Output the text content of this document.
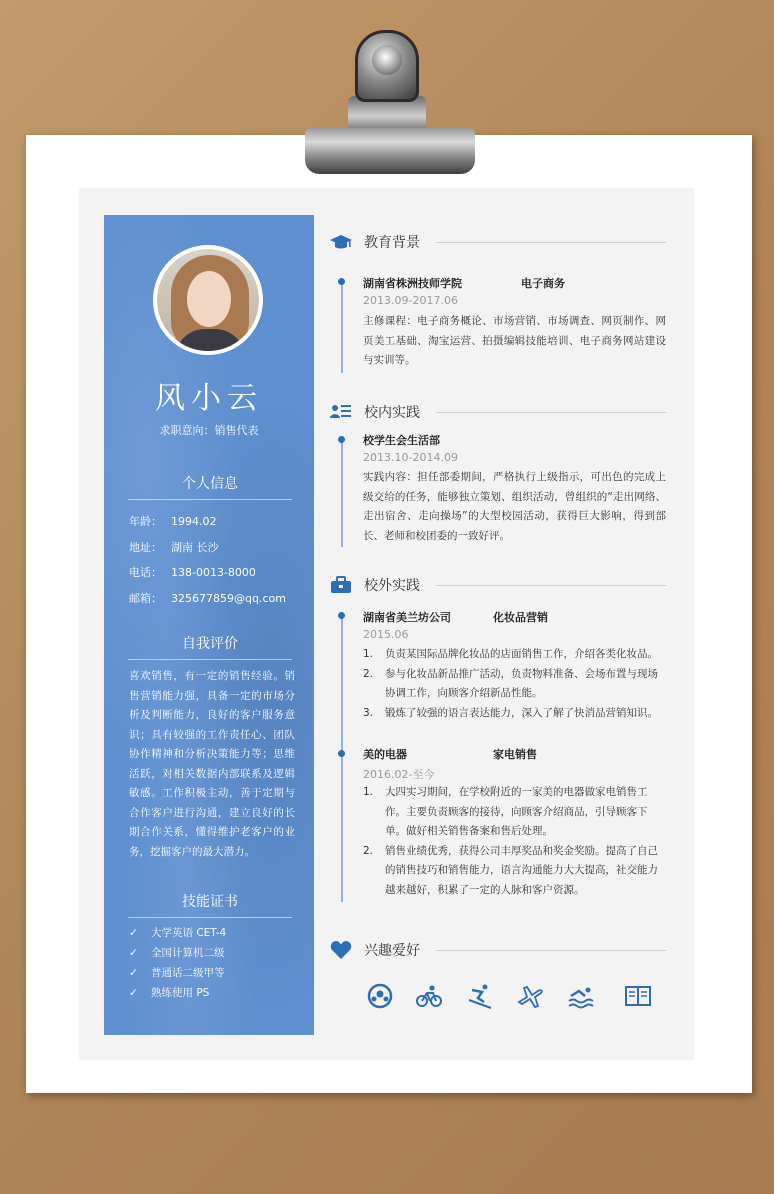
风小云
求职意向：销售代表
个人信息
年龄： 1994.02
地址： 湖南 长沙
电话： 138-0013-8000
邮箱： 325677859@qq.com
自我评价
喜欢销售，有一定的销售经验。销售营销能力强，具备一定的市场分析及判断能力，良好的客户服务意识；具有较强的工作责任心、团队协作精神和分析决策能力等；思维活跃，对相关数据内部联系及逻辑敏感。工作积极主动，善于定期与合作客户进行沟通，建立良好的长期合作关系，懂得维护老客户的业务，挖掘客户的最大潜力。
技能证书
✓ 大学英语 CET-4
✓ 全国计算机二级
✓ 普通话二级甲等
✓ 熟练使用 PS
教育背景
湖南省株洲技师学院	电子商务
2013.09-2017.06
主修课程：电子商务概论、市场营销、市场调查、网页制作、网页美工基础、淘宝运营、拍摄编辑技能培训、电子商务网站建设与实训等。
校内实践
校学生会生活部
2013.10-2014.09
实践内容：担任部委期间，严格执行上级指示，可出色的完成上级交给的任务，能够独立策划、组织活动，曾组织的“走出网络、走出宿舍、走向操场”的大型校园活动，获得巨大影响，得到部长、老师和校团委的一致好评。
校外实践
湖南省美兰坊公司	化妆品营销
2015.06
1. 负责某国际品牌化妆品的店面销售工作，介绍各类化妆品。
2. 参与化妆品新品推广活动，负责物料准备、会场布置与现场协调工作，向顾客介绍新品性能。
3. 锻炼了较强的语言表达能力，深入了解了快消品营销知识。
美的电器	家电销售
2016.02-至今
1. 大四实习期间，在学校附近的一家美的电器做家电销售工作。主要负责顾客的接待，向顾客介绍商品，引导顾客下单。做好相关销售备案和售后处理。
2. 销售业绩优秀，获得公司丰厚奖品和奖金奖励。提高了自己的销售技巧和销售能力，语言沟通能力大大提高，社交能力越来越好，积累了一定的人脉和客户资源。
兴趣爱好
